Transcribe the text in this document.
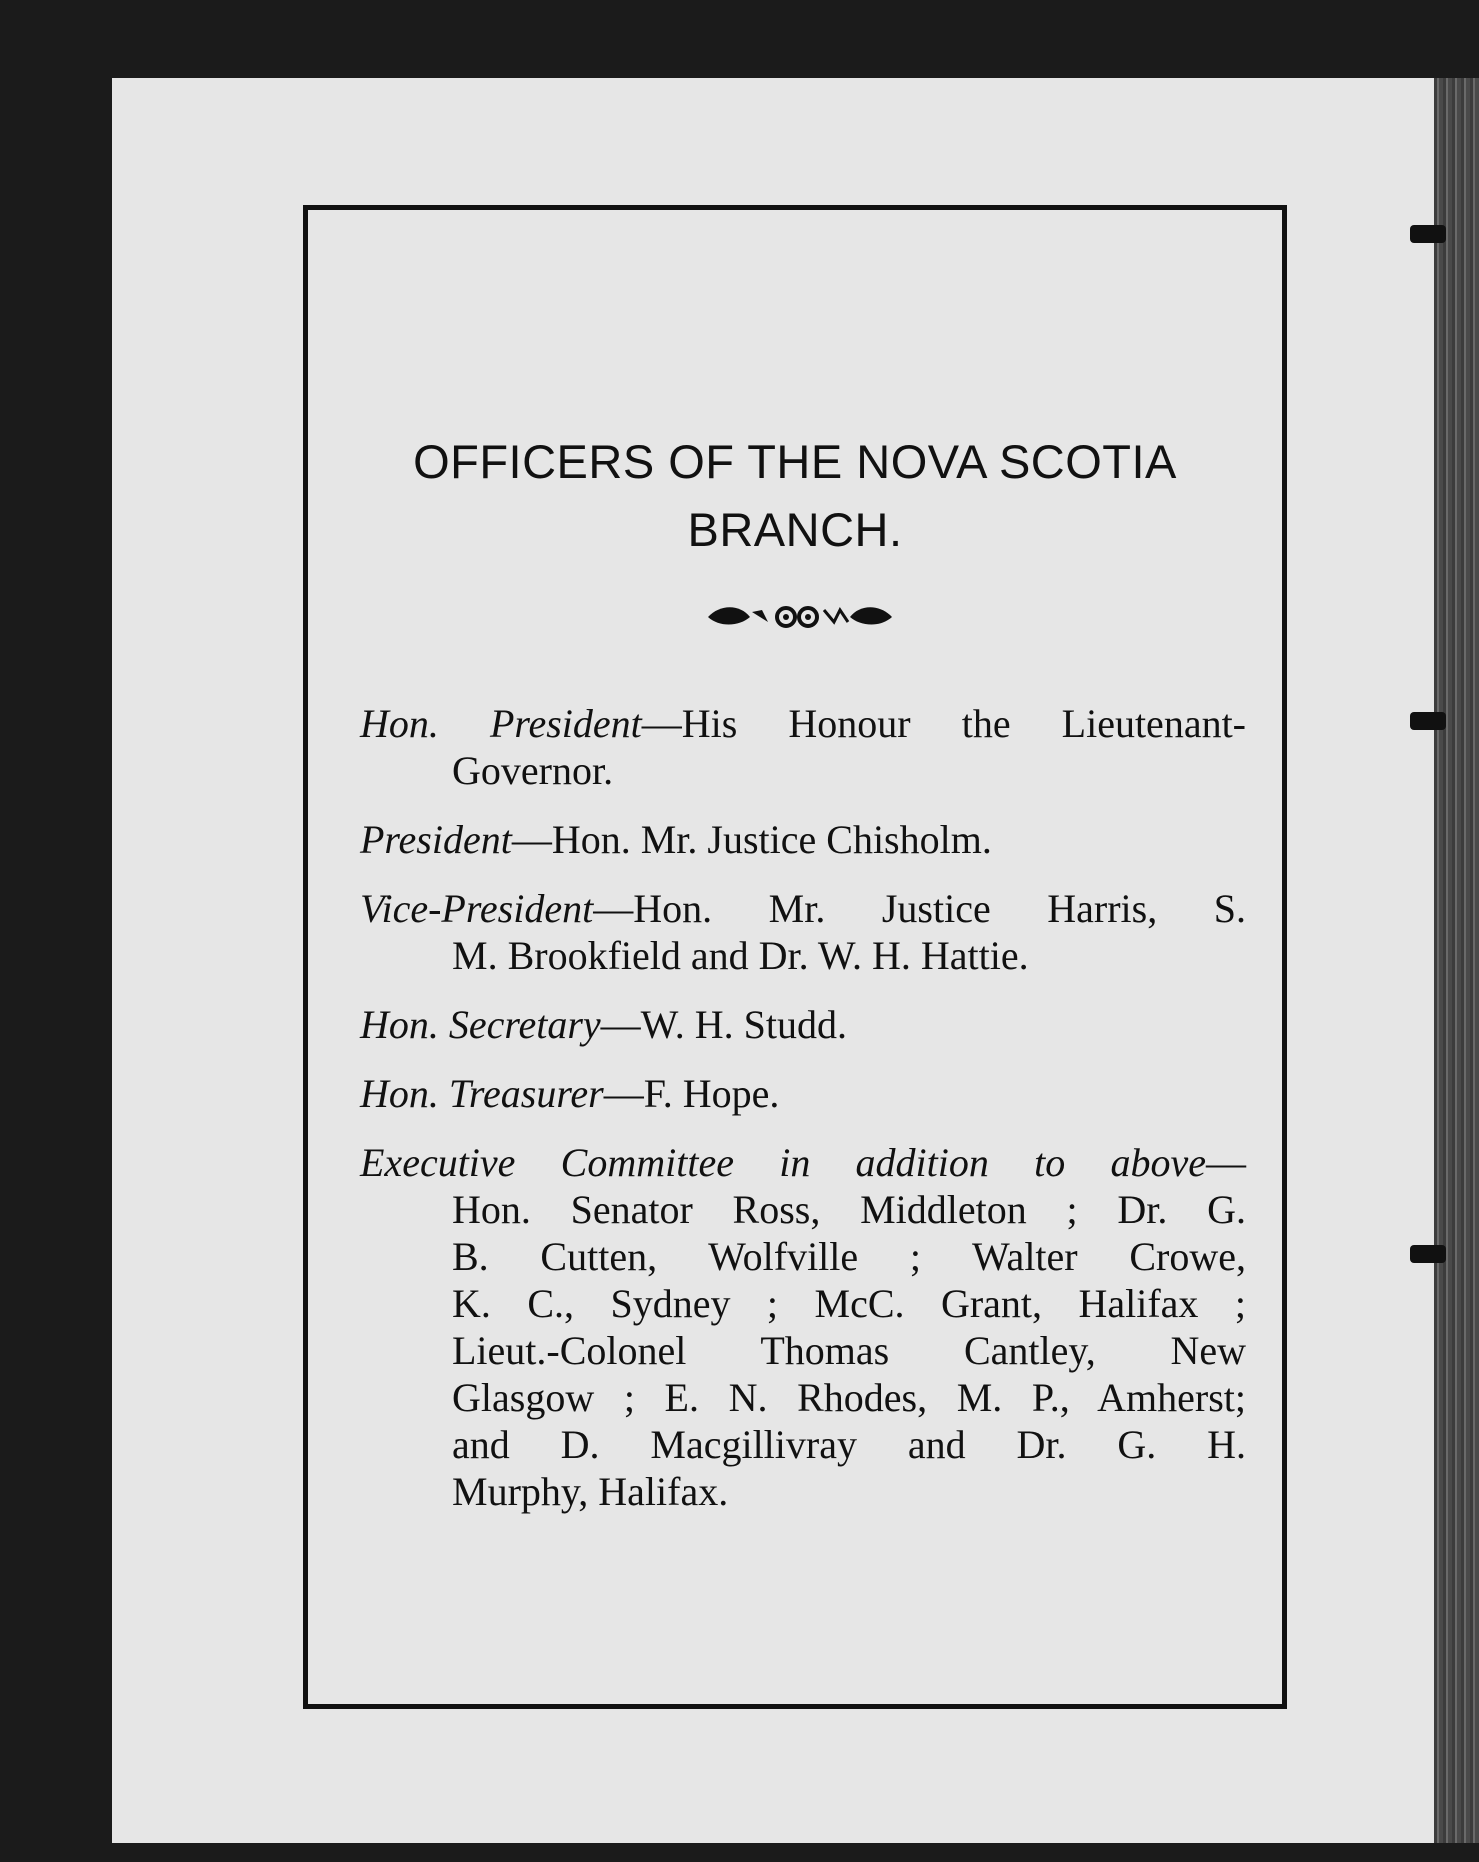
OFFICERS OF THE NOVA SCOTIA
BRANCH.

Hon. President—His Honour the Lieutenant-

Governor.

President—Hon. Mr. Justice Chisholm.

Vice-President—Hon. Mr. Justice Harris, S.

M. Brookfield and Dr. W. H. Hattie.

Hon. Secretary—W. H. Studd.

Hon. Treasurer—F. Hope.

Executive Committee in addition to above—

Hon. Senator Ross, Middleton ; Dr. G.
B. Cutten, Wolfville ; Walter Crowe,
K. C., Sydney ; McC. Grant, Halifax ;
Lieut.-Colonel Thomas Cantley, New
Glasgow ; E. N. Rhodes, M. P., Amherst;
and D. Macgillivray and Dr. G. H.
Murphy, Halifax.
